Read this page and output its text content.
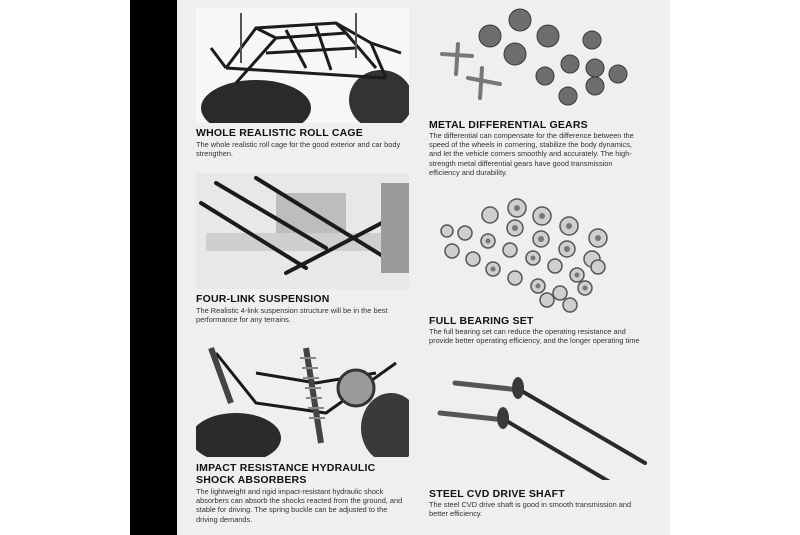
WHOLE REALISTIC ROLL CAGE
The whole realistic roll cage for the good exterior and car body strengthen.
METAL DIFFERENTIAL GEARS
The differential can compensate for the difference between the speed of the wheels in cornering, stabilize the body dynamics, and let the vehicle corners smoothly and accurately. The high-strength metal differential gears have good transmission efficiency and durability.
FOUR-LINK SUSPENSION
The Realistic 4-link suspension structure will be in the best performance for any terrains.	FULL BEARING SET
The full bearing set can reduce the operating resistance and provide better operating efficiency, and the longer operating time
IMPACT RESISTANCE HYDRAULIC SHOCK ABSORBERS
The lightweight and rigid impact-resistant hydraulic shock absorbers can absorb the shocks reacted from the ground, and stable for driving. The spring buckle can be adjusted to the driving demands.
STEEL CVD DRIVE SHAFT
The steel CVD drive shaft is good in smooth transmission and better efficiency.
